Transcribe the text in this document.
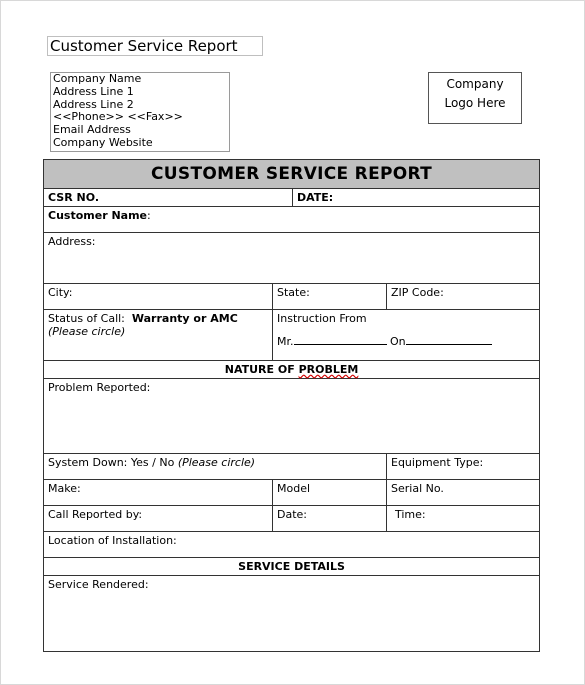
Customer Service Report
Company Name
Address Line 1
Address Line 2
<<Phone>> <<Fax>>
Email Address
Company Website
Company
Logo Here
CUSTOMER SERVICE REPORT			
CSR NO.		DATE:	
Customer Name:			
Address:			
City:	State:		ZIP Code:
Status of Call: Warranty or AMC
(Please circle)	Instruction From
Mr. On		

NATURE OF PROBLEM			
Problem Reported:			
System Down: Yes / No (Please circle)			Equipment Type:
Make:	Model		Serial No.
Call Reported by:	Date:		Time:
Location of Installation:			
SERVICE DETAILS			
Service Rendered:			
